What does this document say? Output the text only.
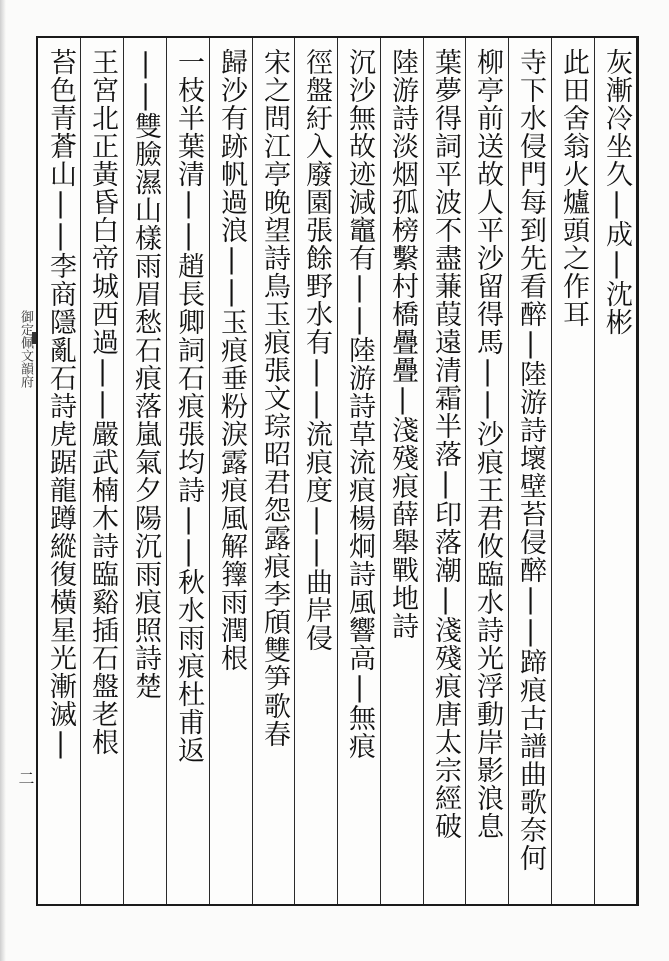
御定佩文韻府
二
灰漸冷坐久|成|沈彬
此田舍翁火爐頭之作耳
寺下水侵門每到先看醉|陸游詩壞壁苔侵醉||蹄痕古譜曲歌奈何
柳亭前送故人平沙留得馬||沙痕王君攸臨水詩光浮動岸影浪息
葉夢得詞平波不盡蒹葭遠清霜半落|印落潮|淺殘痕唐太宗經破
陸游詩淡烟孤榜繫村橋疊疊|淺殘痕薛舉戰地詩
沉沙無故迹減竈有||陸游詩草流痕楊炯詩風響高|無痕
徑盤紆入廢園張餘野水有||流痕度||曲岸侵
宋之問江亭晚望詩鳥玉痕張文琮昭君怨露痕李頎雙笋歌春
歸沙有跡帆過浪||玉痕垂粉淚露痕風解籜雨潤根
一枝半葉清||趙長卿詞石痕張均詩||秋水雨痕杜甫返
||雙臉濕山樣雨眉愁石痕落嵐氣夕陽沉雨痕照詩楚
王宮北正黃昏白帝城西過||嚴武楠木詩臨谿插石盤老根
苔色青蒼山||李商隱亂石詩虎踞龍蹲縱復橫星光漸滅|
